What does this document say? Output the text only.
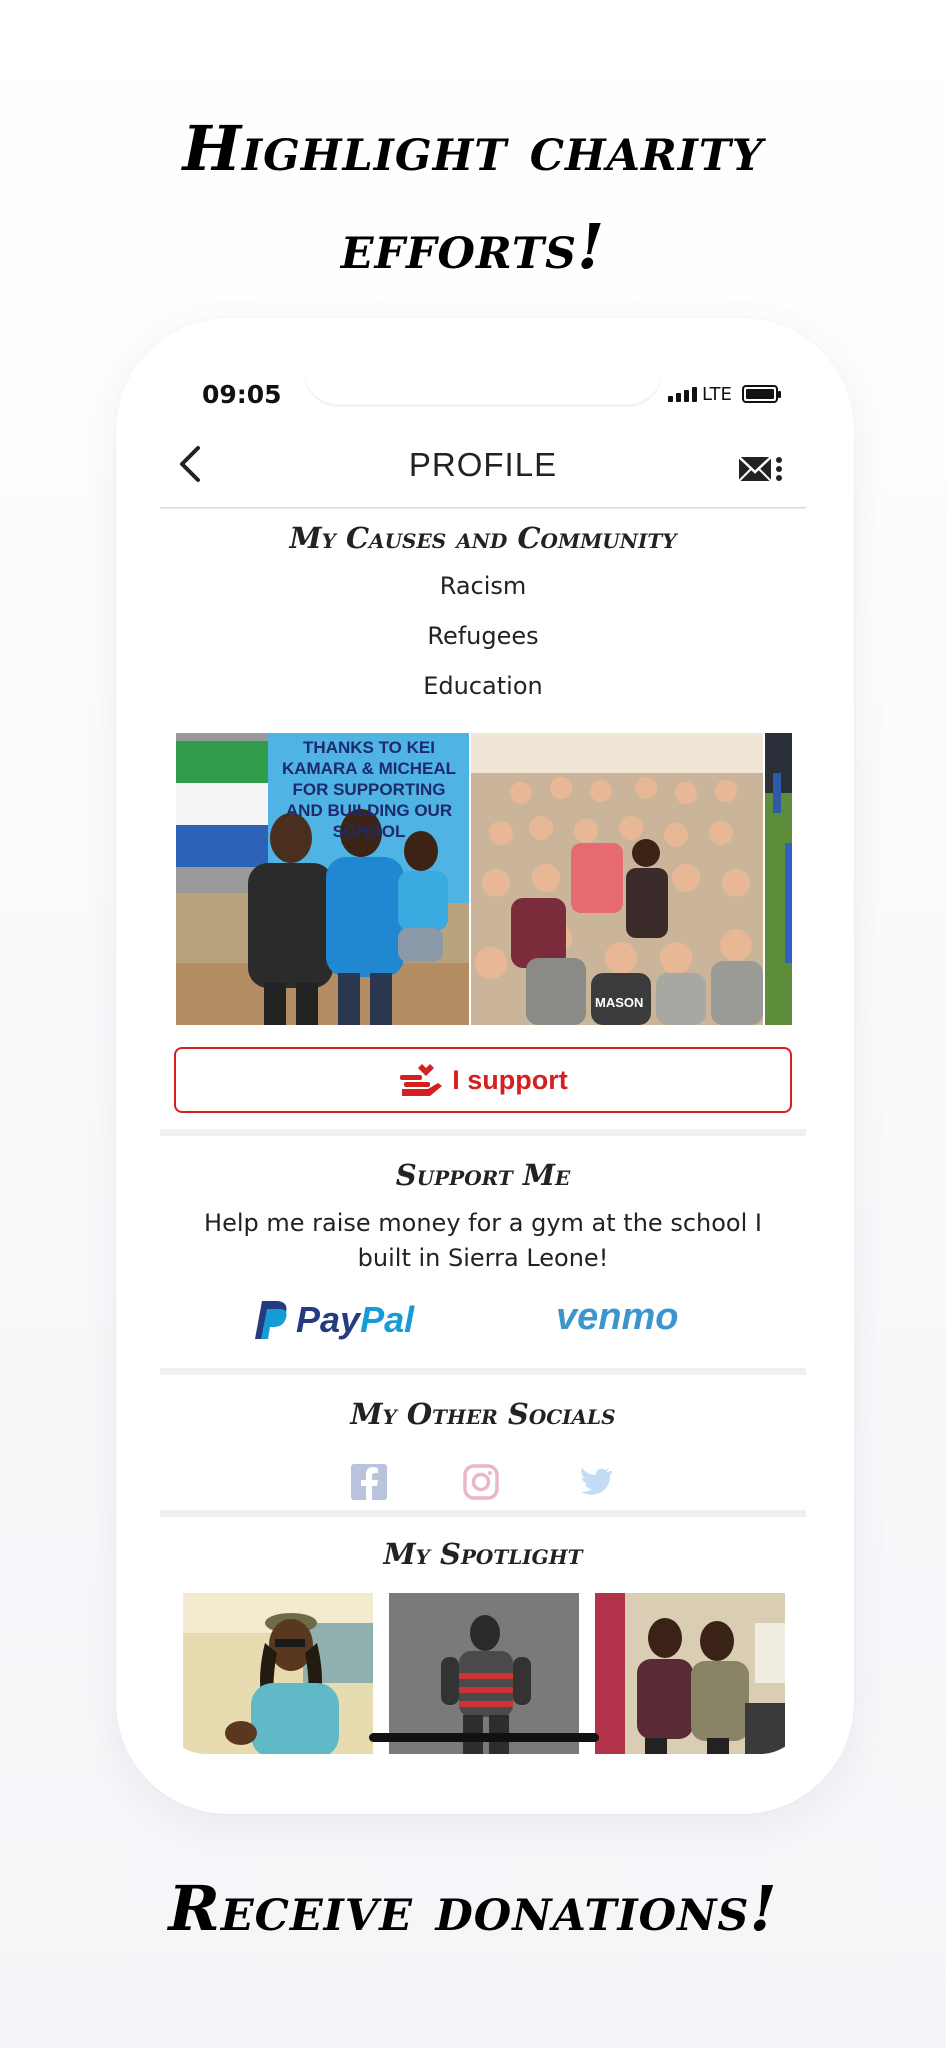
Highlight charity
efforts!
09:05	LTE
PROFILE
My Causes and Community
Racism
Refugees
Education
THANKS TO KEI KAMARA & MICHEAL FOR SUPPORTING AND BUILDING OUR SCHOOL
MASON
I support
Support Me
Help me raise money for a gym at the school I built in Sierra Leone!
PayPal	venmo
My Other Socials
My Spotlight
Receive donations!
